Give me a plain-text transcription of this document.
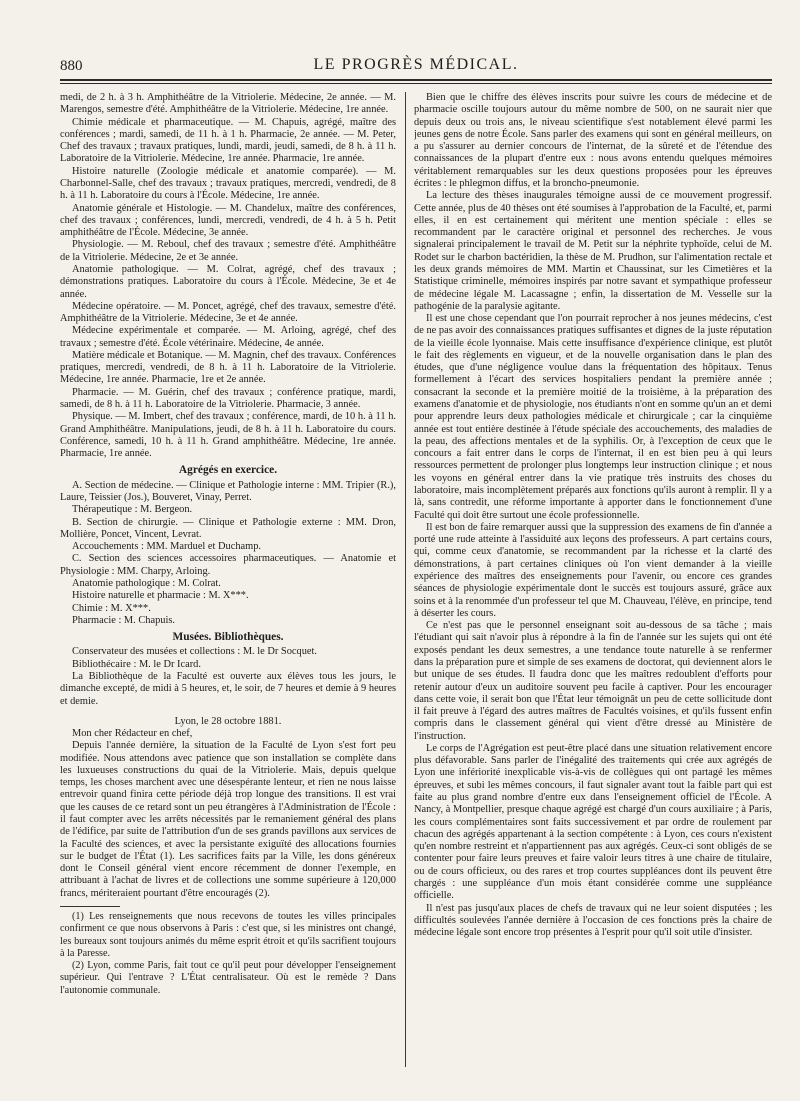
880	LE PROGRÈS MÉDICAL.

medi, de 2 h. à 3 h. Amphithéâtre de la Vitriolerie. Médecine, 2e année. — M. Marengos, semestre d'été. Amphithéâtre de la Vitriolerie. Médecine, 1re année.

Chimie médicale et pharmaceutique. — M. Chapuis, agrégé, maître des conférences ; mardi, samedi, de 11 h. à 1 h. Pharmacie, 2e année. — M. Peter, Chef des travaux ; travaux pratiques, lundi, mardi, jeudi, samedi, de 8 h. à 11 h. Laboratoire de la Vitriolerie. Médecine, 1re année. Pharmacie, 1re année.

Histoire naturelle (Zoologie médicale et anatomie comparée). — M. Charbonnel-Salle, chef des travaux ; travaux pratiques, mercredi, vendredi, de 8 h. à 11 h. Laboratoire du cours à l'École. Médecine, 1re année.

Anatomie générale et Histologie. — M. Chandelux, maître des conférences, chef des travaux ; conférences, lundi, mercredi, vendredi, de 4 h. à 5 h. Petit amphithéâtre de l'École. Médecine, 3e année.

Physiologie. — M. Reboul, chef des travaux ; semestre d'été. Amphithéâtre de la Vitriolerie. Médecine, 2e et 3e année.

Anatomie pathologique. — M. Colrat, agrégé, chef des travaux ; démonstrations pratiques. Laboratoire du cours à l'École. Médecine, 3e et 4e année.

Médecine opératoire. — M. Poncet, agrégé, chef des travaux, semestre d'été. Amphithéâtre de la Vitriolerie. Médecine, 3e et 4e année.

Médecine expérimentale et comparée. — M. Arloing, agrégé, chef des travaux ; semestre d'été. École vétérinaire. Médecine, 4e année.

Matière médicale et Botanique. — M. Magnin, chef des travaux. Conférences pratiques, mercredi, vendredi, de 8 h. à 11 h. Laboratoire de la Vitriolerie. Médecine, 1re année. Pharmacie, 1re et 2e année.

Pharmacie. — M. Guérin, chef des travaux ; conférence pratique, mardi, samedi, de 8 h. à 11 h. Laboratoire de la Vitriolerie. Pharmacie, 3 année.

Physique. — M. Imbert, chef des travaux ; conférence, mardi, de 10 h. à 11 h. Grand Amphithéâtre. Manipulations, jeudi, de 8 h. à 11 h. Laboratoire du cours. Conférence, samedi, 10 h. à 11 h. Grand amphithéâtre. Médecine, 1re année. Pharmacie, 1re année.

Agrégés en exercice.

A. Section de médecine. — Clinique et Pathologie interne : MM. Tripier (R.), Laure, Teissier (Jos.), Bouveret, Vinay, Perret.

Thérapeutique : M. Bergeon.

B. Section de chirurgie. — Clinique et Pathologie externe : MM. Dron, Mollière, Poncet, Vincent, Levrat.

Accouchements : MM. Marduel et Duchamp.

C. Section des sciences accessoires pharmaceutiques. — Anatomie et Physiologie : MM. Charpy, Arloing.

Anatomie pathologique : M. Colrat.

Histoire naturelle et pharmacie : M. X***.

Chimie : M. X***.

Pharmacie : M. Chapuis.

Musées. Bibliothèques.

Conservateur des musées et collections : M. le Dr Socquet.

Bibliothécaire : M. le Dr Icard.

La Bibliothèque de la Faculté est ouverte aux élèves tous les jours, le dimanche excepté, de midi à 5 heures, et, le soir, de 7 heures et demie à 9 heures et demie.

Lyon, le 28 octobre 1881.

Mon cher Rédacteur en chef,

Depuis l'année dernière, la situation de la Faculté de Lyon s'est fort peu modifiée. Nous attendons avec patience que son installation se complète dans les luxueuses constructions du quai de la Vitriolerie. Mais, depuis quelque temps, les choses marchent avec une désespérante lenteur, et rien ne nous laisse entrevoir quand finira cette période déjà trop longue des transitions. Il est vrai que les causes de ce retard sont un peu étrangères à l'Administration de l'École : il faut compter avec les arrêts nécessités par le remaniement général des plans de l'édifice, par suite de l'attribution d'un de ses grands pavillons aux services de la Faculté des sciences, et avec la persistante exiguïté des allocations fournies sur le budget de l'État (1). Les sacrifices faits par la Ville, les dons généreux dont le Conseil général vient encore récemment de donner l'exemple, en attribuant à l'achat de livres et de collections une somme supérieure à 120,000 francs, mériteraient pourtant d'être encouragés (2).

(1) Les renseignements que nous recevons de toutes les villes principales confirment ce que nous observons à Paris : c'est que, si les ministres ont changé, les bureaux sont toujours animés du même esprit étroit et qu'ils sacrifient toujours à la Paresse.

(2) Lyon, comme Paris, fait tout ce qu'il peut pour développer l'enseignement supérieur. Qui l'entrave ? L'État centralisateur. Où est le remède ? Dans l'autonomie communale.

Bien que le chiffre des élèves inscrits pour suivre les cours de médecine et de pharmacie oscille toujours autour du même nombre de 500, on ne saurait nier que depuis deux ou trois ans, le niveau scientifique s'est notablement élevé parmi les jeunes gens de notre École. Sans parler des examens qui sont en général meilleurs, on a pu s'assurer au dernier concours de l'internat, de la sûreté et de l'étendue des connaissances de la plupart d'entre eux : nous avons entendu quelques mémoires véritablement remarquables sur les deux questions proposées pour les épreuves écrites : le phlegmon diffus, et la broncho-pneumonie.

La lecture des thèses inaugurales témoigne aussi de ce mouvement progressif. Cette année, plus de 40 thèses ont été soumises à l'approbation de la Faculté, et, parmi elles, il en est certainement qui méritent une mention spéciale : elles se recommandent par le caractère original et personnel des recherches. Je vous signalerai principalement le travail de M. Petit sur la néphrite typhoïde, celui de M. Rodet sur le charbon bactéridien, la thèse de M. Prudhon, sur l'alimentation rectale et les deux grands mémoires de MM. Martin et Chaussinat, sur les Cimetières et la Statistique criminelle, mémoires inspirés par notre savant et sympathique professeur de médecine légale M. Lacassagne ; enfin, la dissertation de M. Vesselle sur la pathogénie de la paralysie agitante.

Il est une chose cependant que l'on pourrait reprocher à nos jeunes médecins, c'est de ne pas avoir des connaissances pratiques suffisantes et dignes de la juste réputation de la vieille école lyonnaise. Mais cette insuffisance d'expérience clinique, est plutôt le fait des règlements en vigueur, et de la nouvelle organisation dans le plan des études, que d'une négligence voulue dans la fréquentation des hôpitaux. Tenus formellement à l'écart des services hospitaliers pendant la première année ; consacrant la seconde et la première moitié de la troisième, à la préparation des examens d'anatomie et de physiologie, nos étudiants n'ont en somme qu'un an et demi pour apprendre leurs deux pathologies médicale et chirurgicale ; car la cinquième année est tout entière destinée à l'étude spéciale des accouchements, des maladies de la peau, des affections mentales et de la syphilis. Or, à l'exception de ceux que le concours a fait entrer dans le corps de l'internat, il en est bien peu à qui leurs ressources permettent de prolonger plus longtemps leur instruction clinique ; et nous les voyons en général entrer dans la vie pratique très instruits des choses du laboratoire, mais incomplètement préparés aux fonctions qu'ils auront à remplir. Il y a là, sans contredit, une réforme importante à apporter dans le fonctionnement d'une Faculté qui doit être surtout une école professionnelle.

Il est bon de faire remarquer aussi que la suppression des examens de fin d'année a porté une rude atteinte à l'assiduité aux leçons des professeurs. A part certains cours, qui, comme ceux d'anatomie, se recommandent par la richesse et la clarté des démonstrations, à part certaines cliniques où l'on vient demander à la vieille expérience des maîtres des enseignements pour l'avenir, ou encore ces grandes séances de physiologie expérimentale dont le succès est toujours assuré, grâce aux soins et à la renommée d'un professeur tel que M. Chauveau, l'élève, en principe, tend à déserter les cours.

Ce n'est pas que le personnel enseignant soit au-dessous de sa tâche ; mais l'étudiant qui sait n'avoir plus à répondre à la fin de l'année sur les sujets qui ont été exposés pendant les deux semestres, a une tendance toute naturelle à se renfermer dans la préparation pure et simple de ses examens de doctorat, qui deviennent alors le but unique de ses études. Il faudra donc que les maîtres redoublent d'efforts pour retenir autour d'eux un auditoire souvent peu facile à captiver. Pour les encourager dans cette voie, il serait bon que l'État leur témoignât un peu de cette sollicitude dont il fait preuve à l'égard des autres maîtres de Facultés voisines, et qu'ils fussent enfin compris dans le classement général qui vient d'être dressé au Ministère de l'instruction.

Le corps de l'Agrégation est peut-être placé dans une situation relativement encore plus défavorable. Sans parler de l'inégalité des traitements qui crée aux agrégés de Lyon une infériorité inexplicable vis-à-vis de collègues qui ont partagé les mêmes épreuves, et subi les mêmes concours, il faut signaler avant tout la faible part qui est faite au plus grand nombre d'entre eux dans l'enseignement officiel de l'École. A Nancy, à Montpellier, presque chaque agrégé est chargé d'un cours auxiliaire ; à Paris, les cours complémentaires sont faits successivement et par ordre de roulement par chacun des agrégés appartenant à la section compétente : à Lyon, ces cours n'existent qu'en nombre restreint et n'appartiennent pas aux agrégés. Ceux-ci sont obligés de se contenter pour faire leurs preuves et faire valoir leurs titres à une chaire de titulaire, ou de cours officieux, ou des rares et trop courtes suppléances dont ils peuvent être chargés : une suppléance d'un mois étant considérée comme une suppléance officielle.

Il n'est pas jusqu'aux places de chefs de travaux qui ne leur soient disputées ; les difficultés soulevées l'année dernière à l'occasion de ces fonctions près la chaire de médecine légale sont encore trop présentes à l'esprit pour qu'il soit utile d'insister.
